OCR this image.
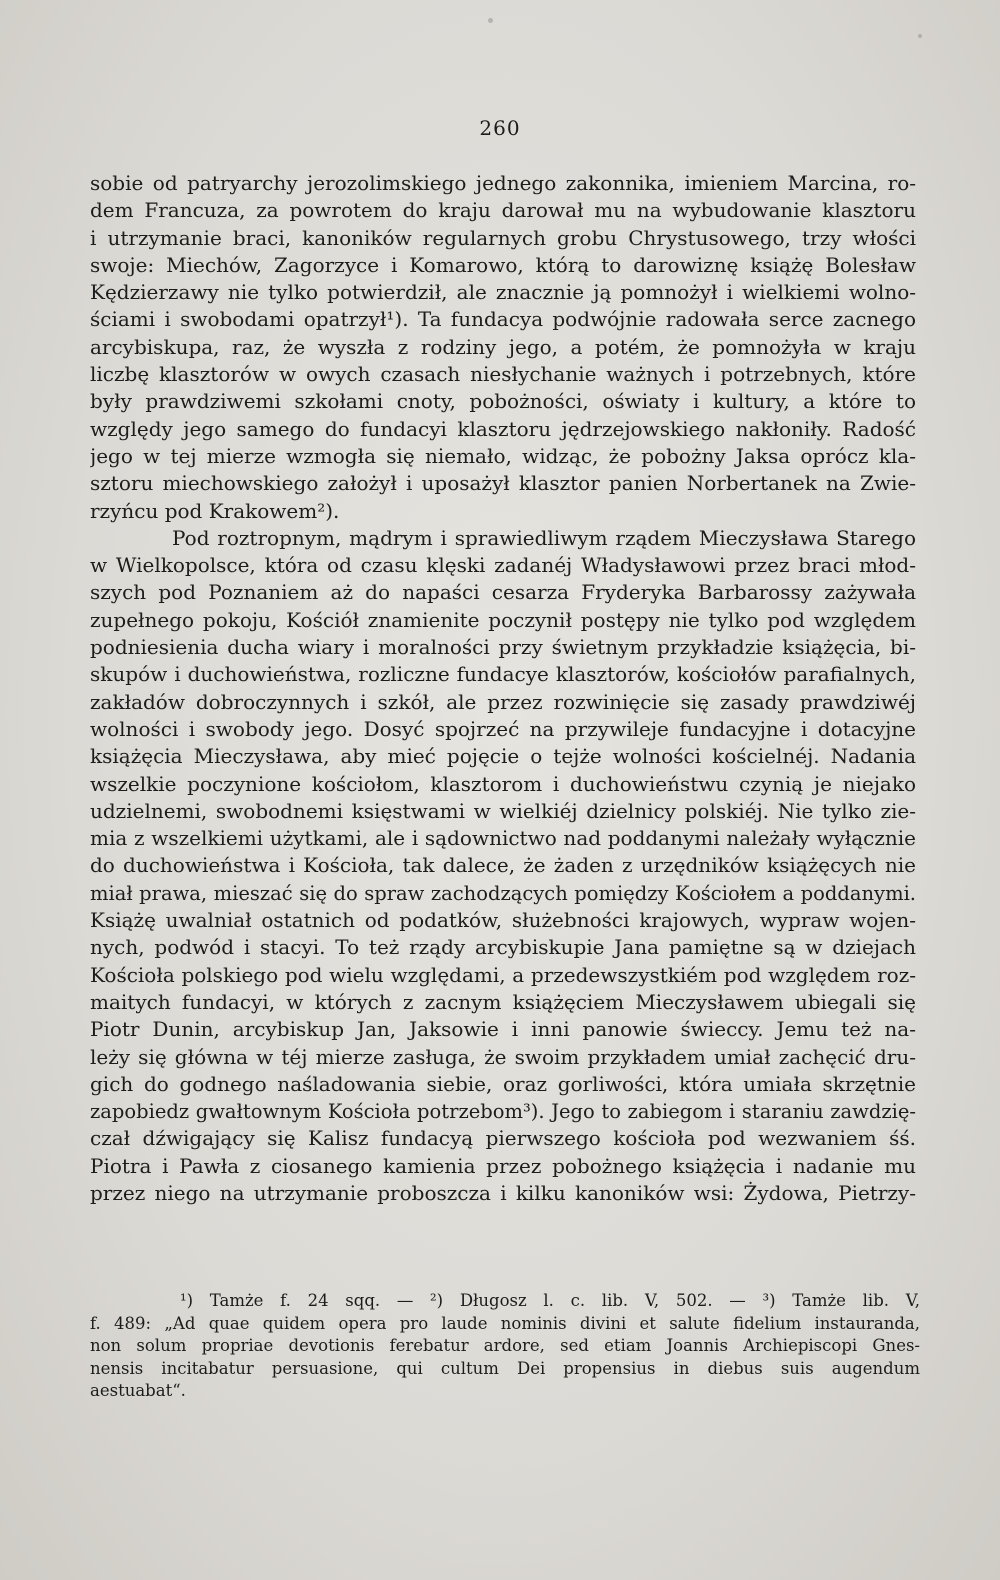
260
sobie od patryarchy jerozolimskiego jednego zakonnika, imieniem Marcina, ro-
dem Francuza, za powrotem do kraju darował mu na wybudowanie klasztoru
i utrzymanie braci, kanoników regularnych grobu Chrystusowego, trzy włości
swoje: Miechów, Zagorzyce i Komarowo, którą to darowiznę książę Bolesław
Kędzierzawy nie tylko potwierdził, ale znacznie ją pomnożył i wielkiemi wolno-
ściami i swobodami opatrzył¹). Ta fundacya podwójnie radowała serce zacnego
arcybiskupa, raz, że wyszła z rodziny jego, a potém, że pomnożyła w kraju
liczbę klasztorów w owych czasach niesłychanie ważnych i potrzebnych, które
były prawdziwemi szkołami cnoty, pobożności, oświaty i kultury, a które to
względy jego samego do fundacyi klasztoru jędrzejowskiego nakłoniły. Radość
jego w tej mierze wzmogła się niemało, widząc, że pobożny Jaksa oprócz kla-
sztoru miechowskiego założył i uposażył klasztor panien Norbertanek na Zwie-
rzyńcu pod Krakowem²).
Pod roztropnym, mądrym i sprawiedliwym rządem Mieczysława Starego
w Wielkopolsce, która od czasu klęski zadanéj Władysławowi przez braci młod-
szych pod Poznaniem aż do napaści cesarza Fryderyka Barbarossy zażywała
zupełnego pokoju, Kościół znamienite poczynił postępy nie tylko pod względem
podniesienia ducha wiary i moralności przy świetnym przykładzie książęcia, bi-
skupów i duchowieństwa, rozliczne fundacye klasztorów, kościołów parafialnych,
zakładów dobroczynnych i szkół, ale przez rozwinięcie się zasady prawdziwéj
wolności i swobody jego. Dosyć spojrzeć na przywileje fundacyjne i dotacyjne
książęcia Mieczysława, aby mieć pojęcie o tejże wolności kościelnéj. Nadania
wszelkie poczynione kościołom, klasztorom i duchowieństwu czynią je niejako
udzielnemi, swobodnemi księstwami w wielkiéj dzielnicy polskiéj. Nie tylko zie-
mia z wszelkiemi użytkami, ale i sądownictwo nad poddanymi należały wyłącznie
do duchowieństwa i Kościoła, tak dalece, że żaden z urzędników książęcych nie
miał prawa, mieszać się do spraw zachodzących pomiędzy Kościołem a poddanymi.
Książę uwalniał ostatnich od podatków, służebności krajowych, wypraw wojen-
nych, podwód i stacyi. To też rządy arcybiskupie Jana pamiętne są w dziejach
Kościoła polskiego pod wielu względami, a przedewszystkiém pod względem roz-
maitych fundacyi, w których z zacnym książęciem Mieczysławem ubiegali się
Piotr Dunin, arcybiskup Jan, Jaksowie i inni panowie świeccy. Jemu też na-
leży się główna w téj mierze zasługa, że swoim przykładem umiał zachęcić dru-
gich do godnego naśladowania siebie, oraz gorliwości, która umiała skrzętnie
zapobiedz gwałtownym Kościoła potrzebom³). Jego to zabiegom i staraniu zawdzię-
czał dźwigający się Kalisz fundacyą pierwszego kościoła pod wezwaniem śś.
Piotra i Pawła z ciosanego kamienia przez pobożnego książęcia i nadanie mu
przez niego na utrzymanie proboszcza i kilku kanoników wsi: Żydowa, Pietrzy-
¹) Tamże f. 24 sqq. — ²) Długosz l. c. lib. V, 502. — ³) Tamże lib. V,
f. 489: „Ad quae quidem opera pro laude nominis divini et salute fidelium instauranda,
non solum propriae devotionis ferebatur ardore, sed etiam Joannis Archiepiscopi Gnes-
nensis incitabatur persuasione, qui cultum Dei propensius in diebus suis augendum
aestuabat“.
